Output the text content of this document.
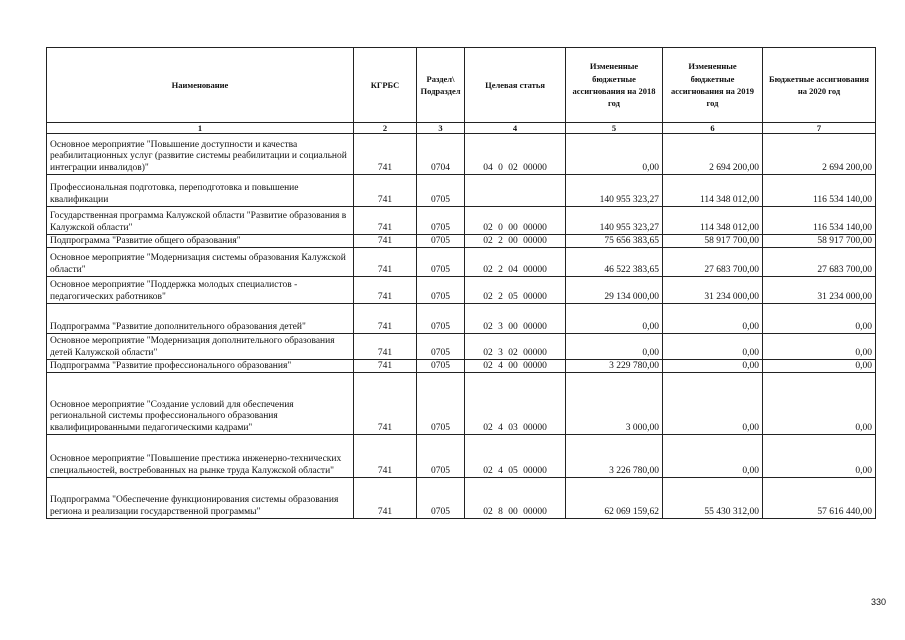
Наименование	КГРБС	Раздел\ Подраздел	Целевая статья	Измененные бюджетные ассигнования на 2018 год	Измененные бюджетные ассигнования на 2019 год	Бюджетные ассигнования на 2020 год
1	2	3	4	5	6	7
Основное мероприятие "Повышение доступности и качества реабилитационных услуг (развитие системы реабилитации и социальной интеграции инвалидов)"	741	0704	04 0 02 00000	0,00	2 694 200,00	2 694 200,00
Профессиональная подготовка, переподготовка и повышение квалификации	741	0705		140 955 323,27	114 348 012,00	116 534 140,00
Государственная программа Калужской области "Развитие образования в Калужской области"	741	0705	02 0 00 00000	140 955 323,27	114 348 012,00	116 534 140,00
Подпрограмма "Развитие общего образования"	741	0705	02 2 00 00000	75 656 383,65	58 917 700,00	58 917 700,00
Основное мероприятие "Модернизация системы образования Калужской области"	741	0705	02 2 04 00000	46 522 383,65	27 683 700,00	27 683 700,00
Основное мероприятие "Поддержка молодых специалистов - педагогических работников"	741	0705	02 2 05 00000	29 134 000,00	31 234 000,00	31 234 000,00
Подпрограмма "Развитие дополнительного образования детей"	741	0705	02 3 00 00000	0,00	0,00	0,00
Основное мероприятие "Модернизация дополнительного образования детей Калужской области"	741	0705	02 3 02 00000	0,00	0,00	0,00
Подпрограмма "Развитие профессионального образования"	741	0705	02 4 00 00000	3 229 780,00	0,00	0,00
Основное мероприятие "Создание условий для обеспечения региональной системы профессионального образования квалифицированными педагогическими кадрами"	741	0705	02 4 03 00000	3 000,00	0,00	0,00
Основное мероприятие "Повышение престижа инженерно-технических специальностей, востребованных на рынке труда Калужской области"	741	0705	02 4 05 00000	3 226 780,00	0,00	0,00
Подпрограмма "Обеспечение функционирования системы образования региона и реализации государственной программы"	741	0705	02 8 00 00000	62 069 159,62	55 430 312,00	57 616 440,00
330
